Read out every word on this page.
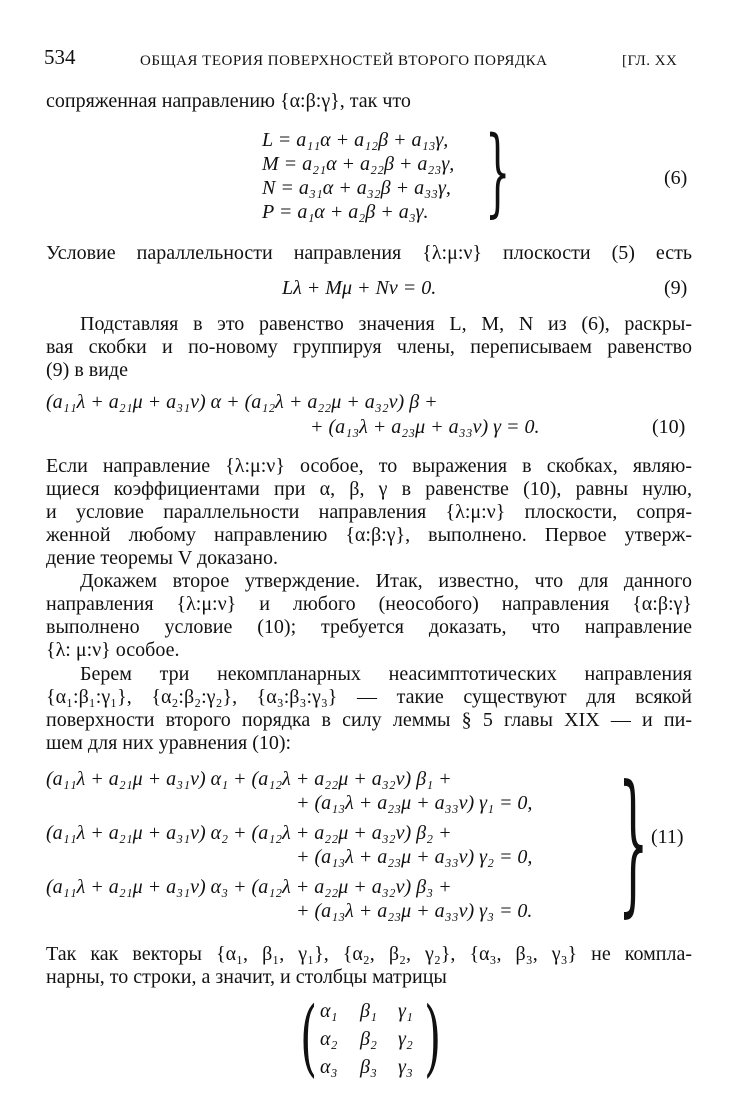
534	ОБЩАЯ ТЕОРИЯ ПОВЕРХНОСТЕЙ ВТОРОГО ПОРЯДКА	[ГЛ. XX
сопряженная направлению {α:β:γ}, так что
L = a₁₁α + a₁₂β + a₁₃γ,
M = a₂₁α + a₂₂β + a₂₃γ,
N = a₃₁α + a₃₂β + a₃₃γ,
P = a₁α + a₂β + a₃γ. }	(6)
Условие параллельности направления {λ:μ:ν} плоскости (5) есть
Lλ + Mμ + Nν = 0.	(9)
Подставляя в это равенство значения L, M, N из (6), раскры-
вая скобки и по-новому группируя члены, переписываем равенство
(9) в виде
(a₁₁λ + a₂₁μ + a₃₁ν) α + (a₁₂λ + a₂₂μ + a₃₂ν) β +
+ (a₁₃λ + a₂₃μ + a₃₃ν) γ = 0.	(10)
Если направление {λ:μ:ν} особое, то выражения в скобках, являю-
щиеся коэффициентами при α, β, γ в равенстве (10), равны нулю,
и условие параллельности направления {λ:μ:ν} плоскости, сопря-
женной любому направлению {α:β:γ}, выполнено. Первое утверж-
дение теоремы V доказано.
Докажем второе утверждение. Итак, известно, что для данного
направления {λ:μ:ν} и любого (неособого) направления {α:β:γ}
выполнено условие (10); требуется доказать, что направление
{λ: μ:ν} особое.
Берем три некомпланарных неасимптотических направления
{α₁:β₁:γ₁}, {α₂:β₂:γ₂}, {α₃:β₃:γ₃} — такие существуют для всякой
поверхности второго порядка в силу леммы § 5 главы XIX — и пи-
шем для них уравнения (10):
(a₁₁λ + a₂₁μ + a₃₁ν) α₁ + (a₁₂λ + a₂₂μ + a₃₂ν) β₁ +
+ (a₁₃λ + a₂₃μ + a₃₃ν) γ₁ = 0,
(a₁₁λ + a₂₁μ + a₃₁ν) α₂ + (a₁₂λ + a₂₂μ + a₃₂ν) β₂ +
+ (a₁₃λ + a₂₃μ + a₃₃ν) γ₂ = 0,
(a₁₁λ + a₂₁μ + a₃₁ν) α₃ + (a₁₂λ + a₂₂μ + a₃₂ν) β₃ +
+ (a₁₃λ + a₂₃μ + a₃₃ν) γ₃ = 0. } (11)
Так как векторы {α₁, β₁, γ₁}, {α₂, β₂, γ₂}, {α₃, β₃, γ₃} не компла-
нарны, то строки, а значит, и столбцы матрицы
( α₁ β₁ γ₁
α₂ β₂ γ₂
α₃ β₃ γ₃ )
